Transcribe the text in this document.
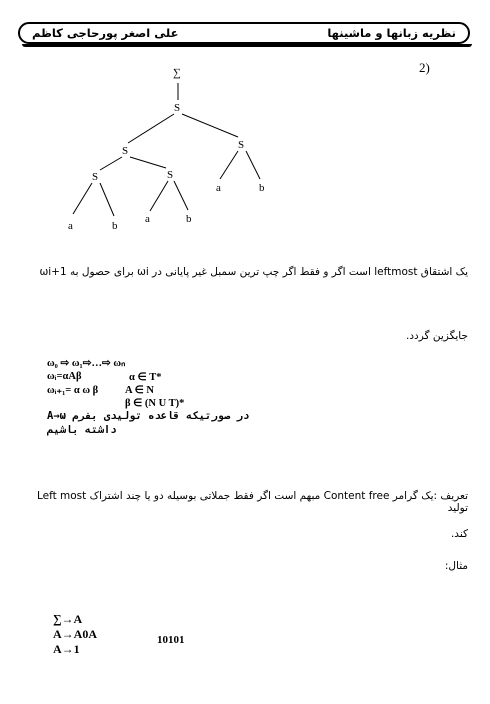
نظریه زبانها و ماشینها
علی اصغر پورحاجی کاظم
2)
∑
S
S	S
S	S
a	b
a	b
a	b
یک اشتقاق leftmost است اگر و فقط اگر چپ ترین سمبل غیر پایانی در ωi برای حصول به ωi+1
جایگزین گردد.
ω₀ ⇨ ω₁⇨…⇨ ωₙ
ωᵢ=αAβ	α ∈ T*
ωᵢ₊₁= α ω β	A ∈ N
β ∈ (N U T)*
در صورتیکه قاعده تولیدی بفرم A→ω
داشته باشیم
تعریف :یک گرامر Content free مبهم است اگر فقط جملاتی بوسیله دو یا چند اشتراک Left most تولید
کند.
مثال:
∑→A
A→A0A
A→1
10101
